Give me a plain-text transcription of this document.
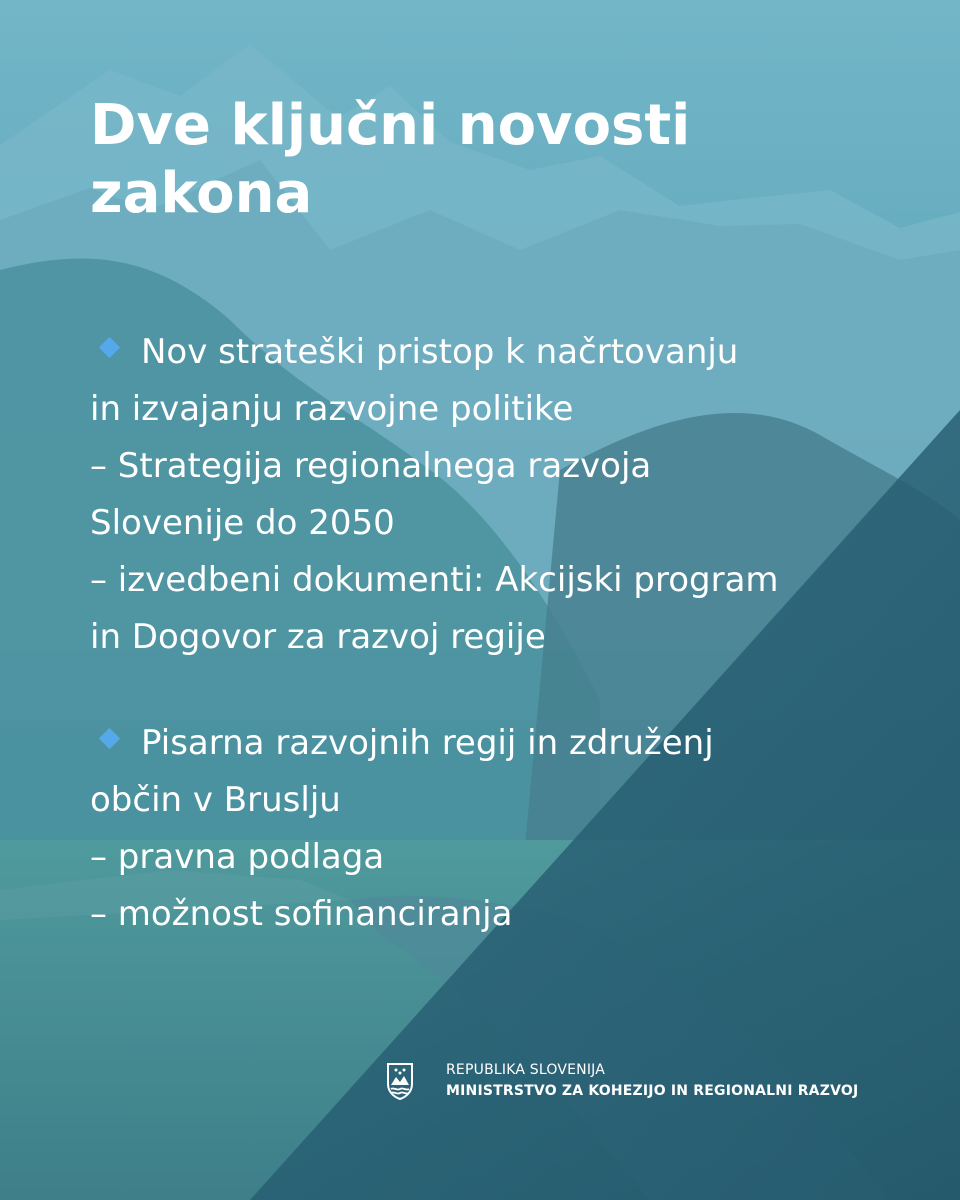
Dve ključni novosti zakona
Nov strateški pristop k načrtovanju
in izvajanju razvojne politike
– Strategija regionalnega razvoja
Slovenije do 2050
– izvedbeni dokumenti: Akcijski program
in Dogovor za razvoj regije
Pisarna razvojnih regij in združenj
občin v Bruslju
– pravna podlaga
– možnost sofinanciranja
REPUBLIKA SLOVENIJA
MINISTRSTVO ZA KOHEZIJO IN REGIONALNI RAZVOJ
